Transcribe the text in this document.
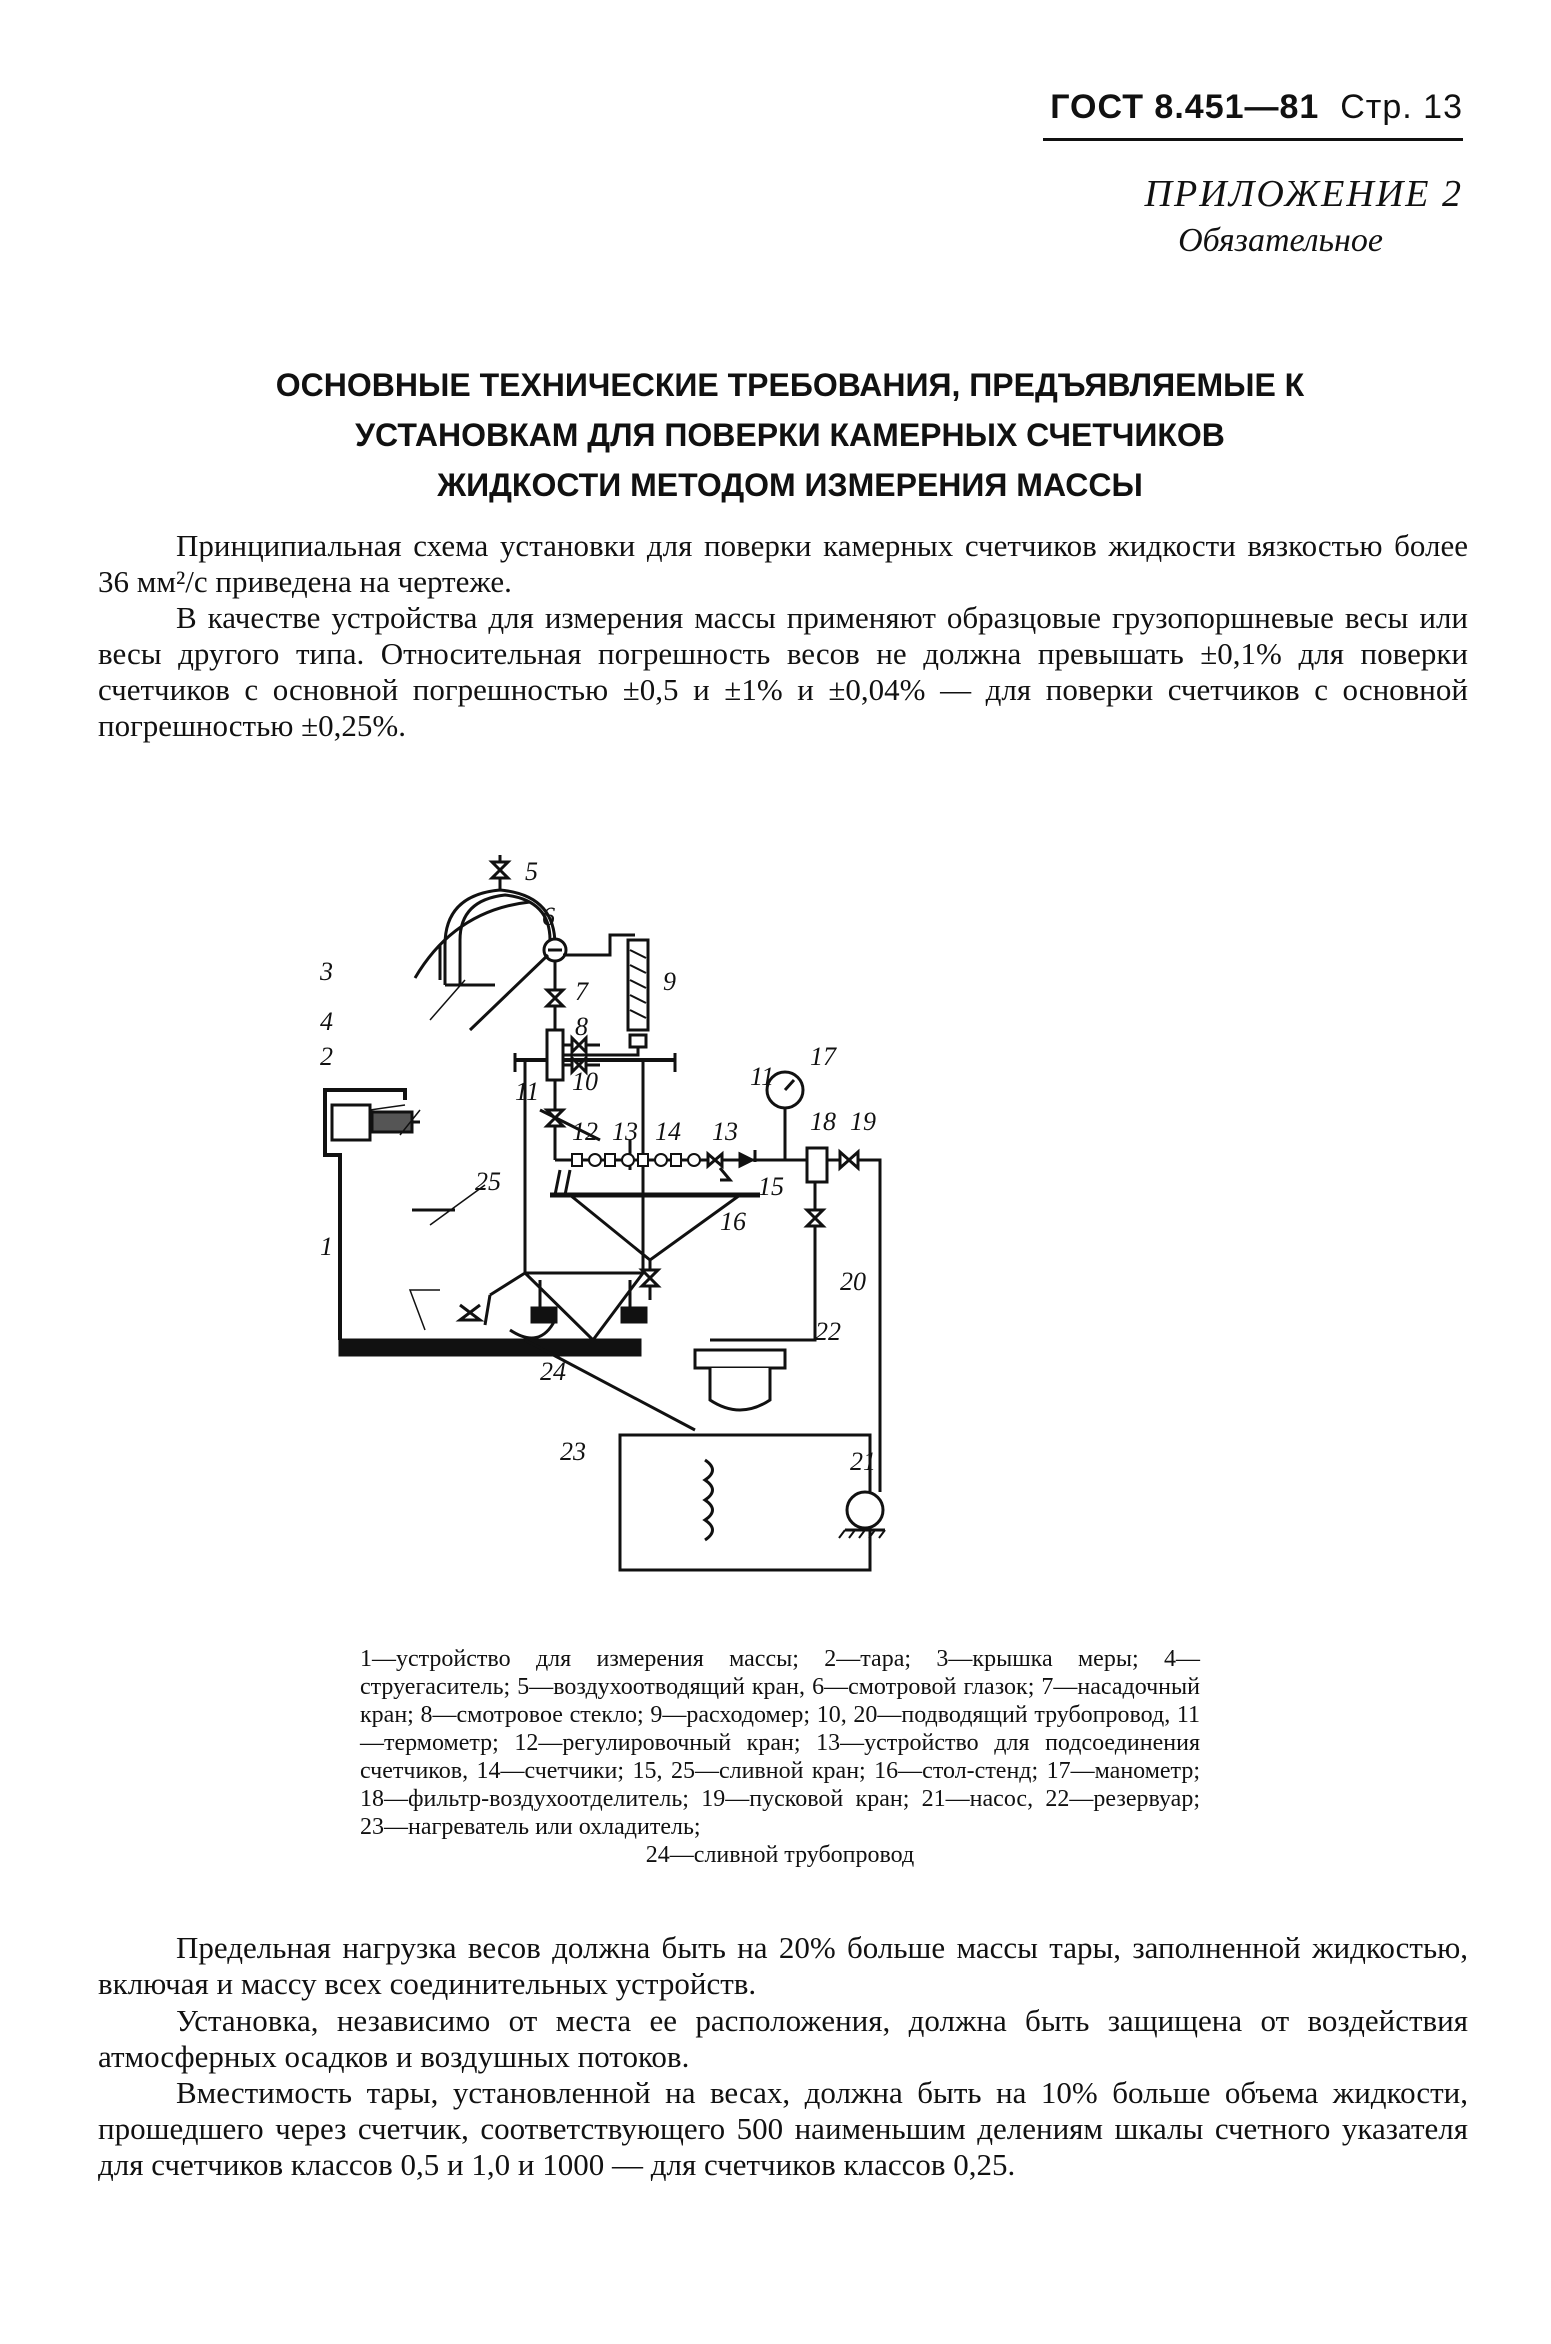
ГОСТ 8.451—81 Стр. 13
ПРИЛОЖЕНИЕ 2
Обязательное
ОСНОВНЫЕ ТЕХНИЧЕСКИЕ ТРЕБОВАНИЯ, ПРЕДЪЯВЛЯЕМЫЕ К
УСТАНОВКАМ ДЛЯ ПОВЕРКИ КАМЕРНЫХ СЧЕТЧИКОВ
ЖИДКОСТИ МЕТОДОМ ИЗМЕРЕНИЯ МАССЫ

Принципиальная схема установки для поверки камерных счетчиков жидкости вязкостью более 36 мм²/с приведена на чертеже.

В качестве устройства для измерения массы применяют образцовые грузопоршневые весы или весы другого типа. Относительная погрешность весов не должна превышать ±0,1% для поверки счетчиков с основной погрешностью ±0,5 и ±1% и ±0,04% — для поверки счетчиков с основной погрешностью ±0,25%.

5
6
3
4
2
1
7
8
9
11 10
12 13 14 13
11
17
18 19
15
25
16
20
22
24
23	21
1—устройство для измерения массы; 2—тара; 3—крышка меры; 4—струегаситель; 5—воздухоотводящий кран, 6—смотровой глазок; 7—насадочный кран; 8—смотровое стекло; 9—расходомер; 10, 20—подводящий трубопровод, 11—термометр; 12—регулировочный кран; 13—устройство для подсоединения счетчиков, 14—счетчики; 15, 25—сливной кран; 16—стол-стенд; 17—манометр; 18—фильтр-воздухоотделитель; 19—пусковой кран; 21—насос, 22—резервуар; 23—нагреватель или охладитель;
24—сливной трубопровод

Предельная нагрузка весов должна быть на 20% больше массы тары, заполненной жидкостью, включая и массу всех соединительных устройств.

Установка, независимо от места ее расположения, должна быть защищена от воздействия атмосферных осадков и воздушных потоков.

Вместимость тары, установленной на весах, должна быть на 10% больше объема жидкости, прошедшего через счетчик, соответствующего 500 наименьшим делениям шкалы счетного указателя для счетчиков классов 0,5 и 1,0 и 1000 — для счетчиков классов 0,25.
